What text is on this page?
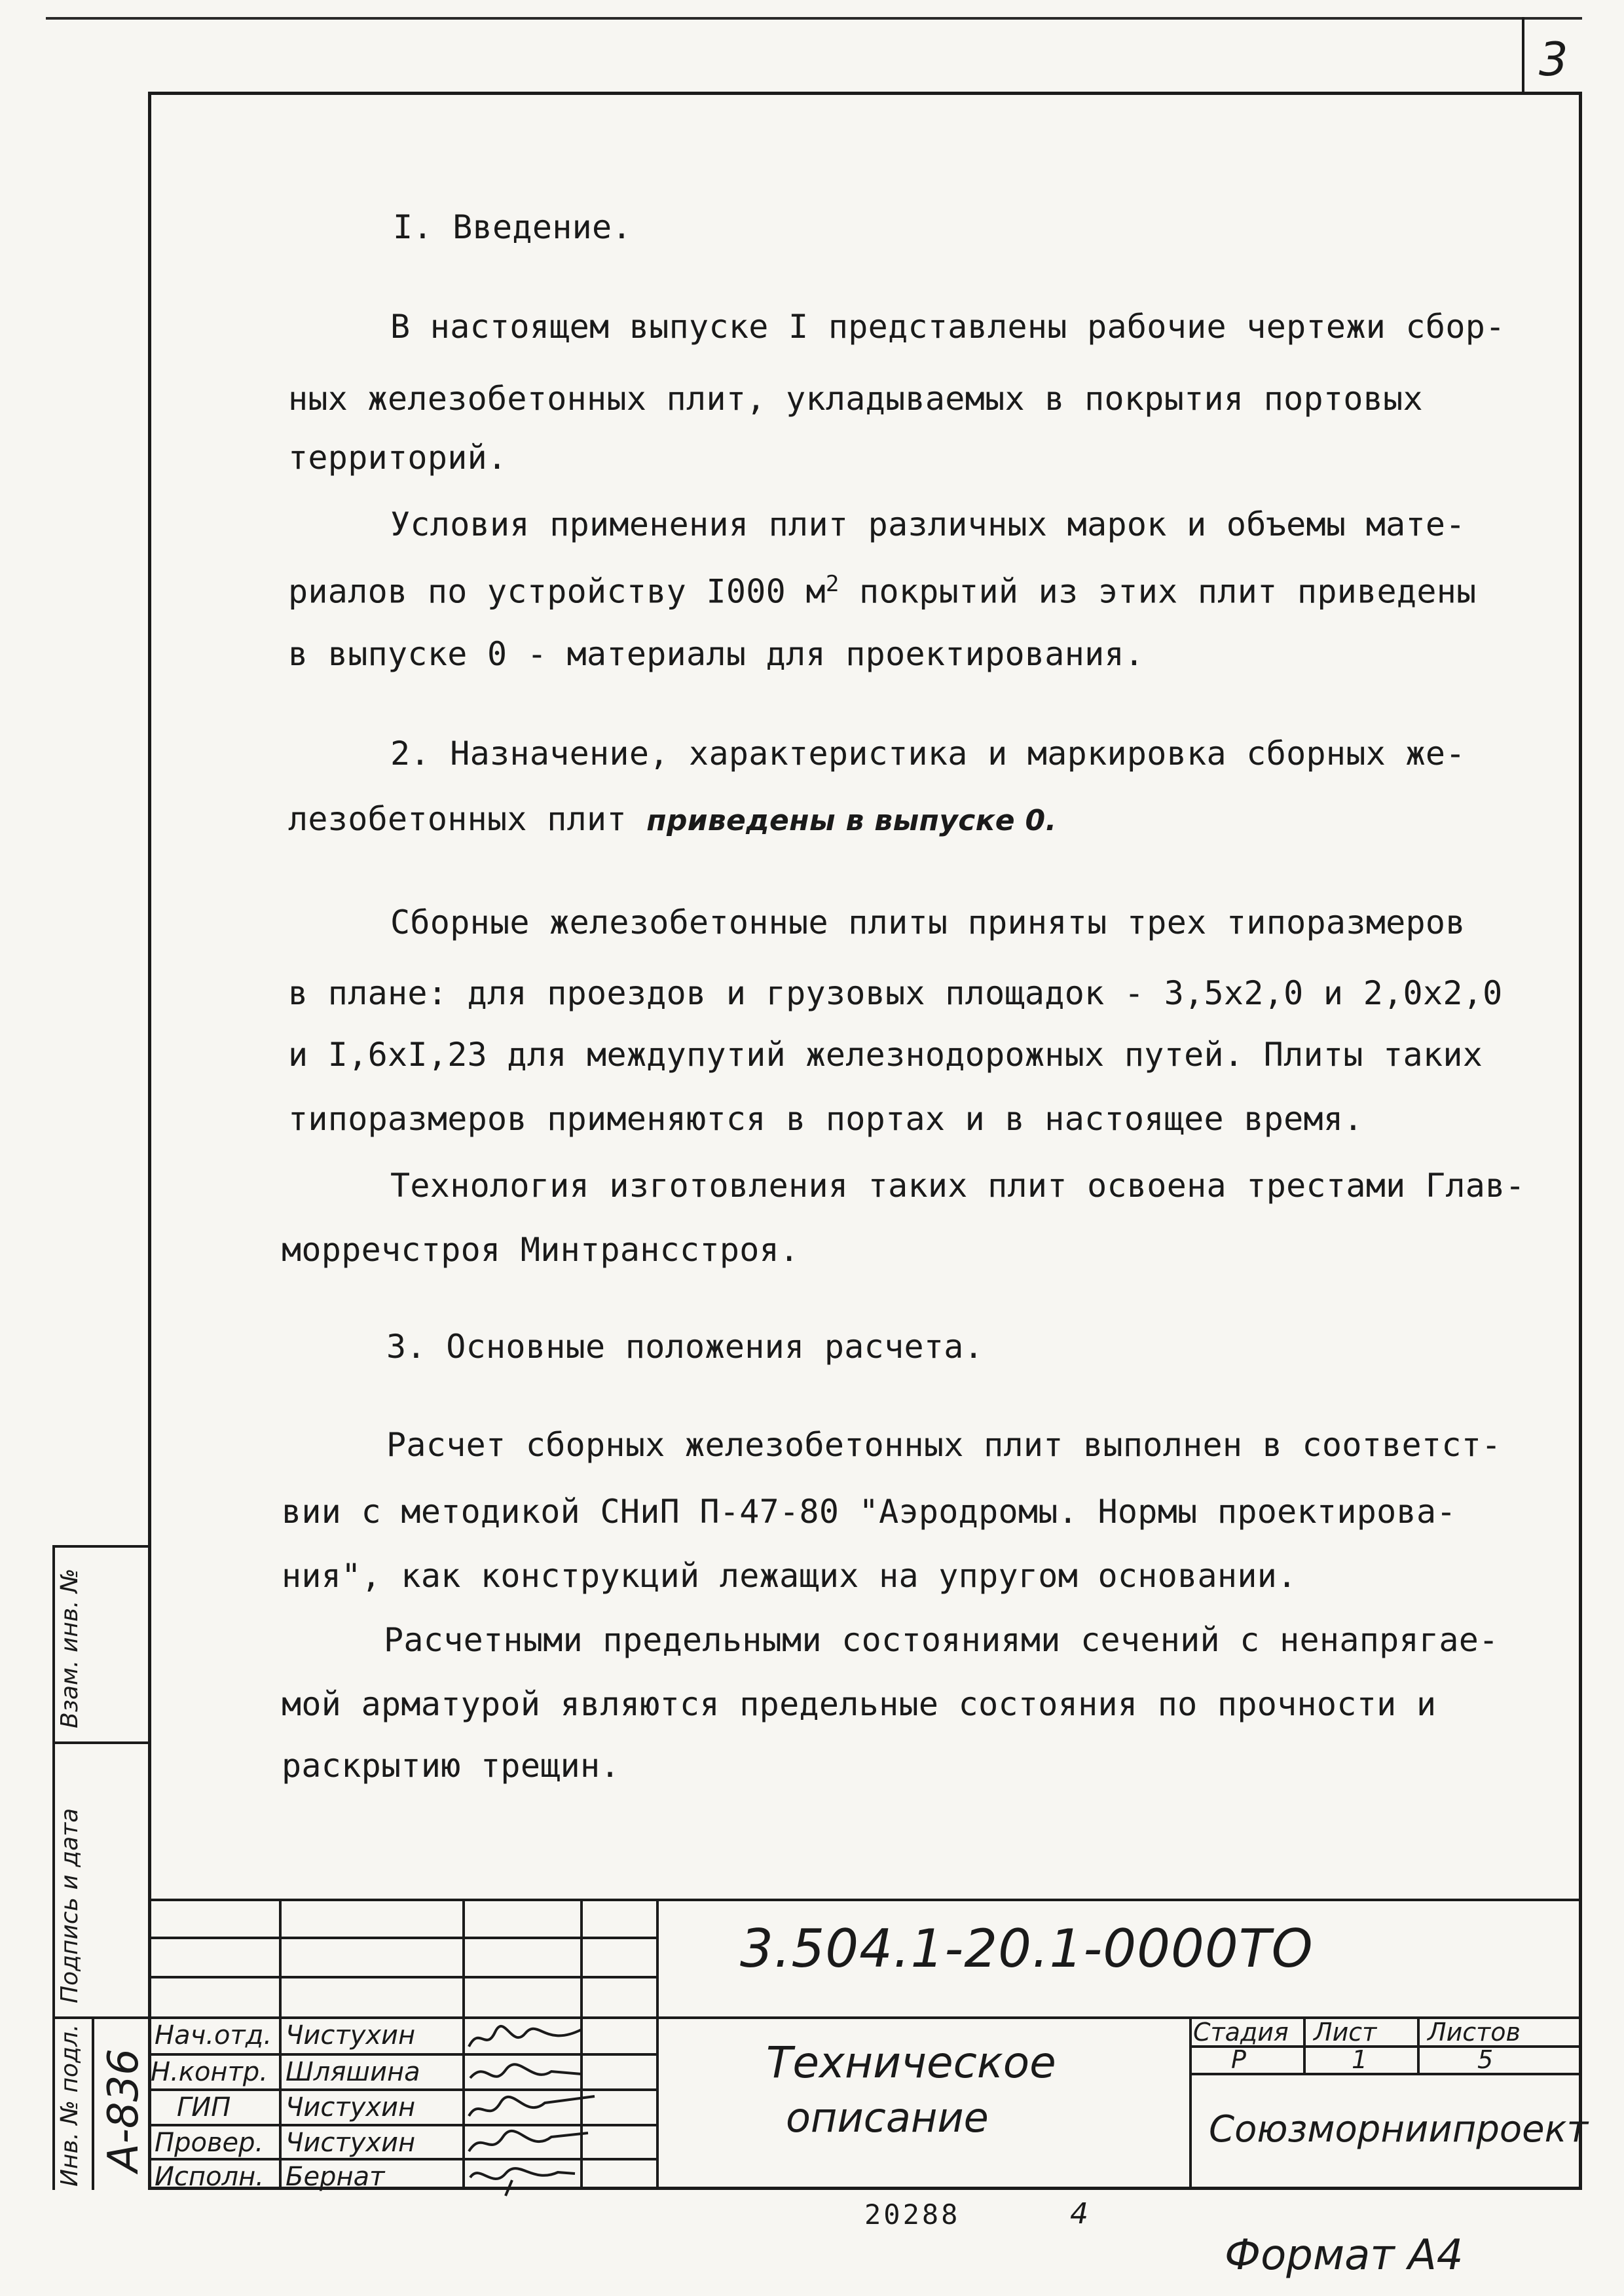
3
I. Введение.
В настоящем выпуске I представлены рабочие чертежи сбор-
ных железобетонных плит, укладываемых в покрытия портовых
территорий.
Условия применения плит различных марок и объемы мате-
риалов по устройству I000 $м^2$ покрытий из этих плит приведены
в выпуске 0 - материалы для проектирования.
2. Назначение, характеристика и маркировка сборных же-
лезобетонных плит приведены в выпуске 0.
Сборные железобетонные плиты приняты трех типоразмеров
в плане: для проездов и грузовых площадок - 3,5x2,0 и 2,0x2,0
и I,6xI,23 для междупутий железнодорожных путей. Плиты таких
типоразмеров применяются в портах и в настоящее время.
Технология изготовления таких плит освоена трестами Глав-
морречстроя Минтрансстроя.
3. Основные положения расчета.
Расчет сборных железобетонных плит выполнен в соответст-
вии с методикой СНиП П-47-80 "Аэродромы. Нормы проектирова-
ния", как конструкций лежащих на упругом основании.
Расчетными предельными состояниями сечений с ненапрягае-
мой арматурой являются предельные состояния по прочности и
раскрытию трещин.
3.504.1-20.1-0000ТО
Техническое
описание
Стадия Лист Листов
Р	1	5
Союзморниипроект
Нач.отд. Чистухин
Н.контр. Шляшина
ГИП Чистухин
Провер. Чистухин
Исполн. Бернат
Инв. № подл. А-836
Подпись и дата
Взам. инв. №
20288	4
Формат А4
